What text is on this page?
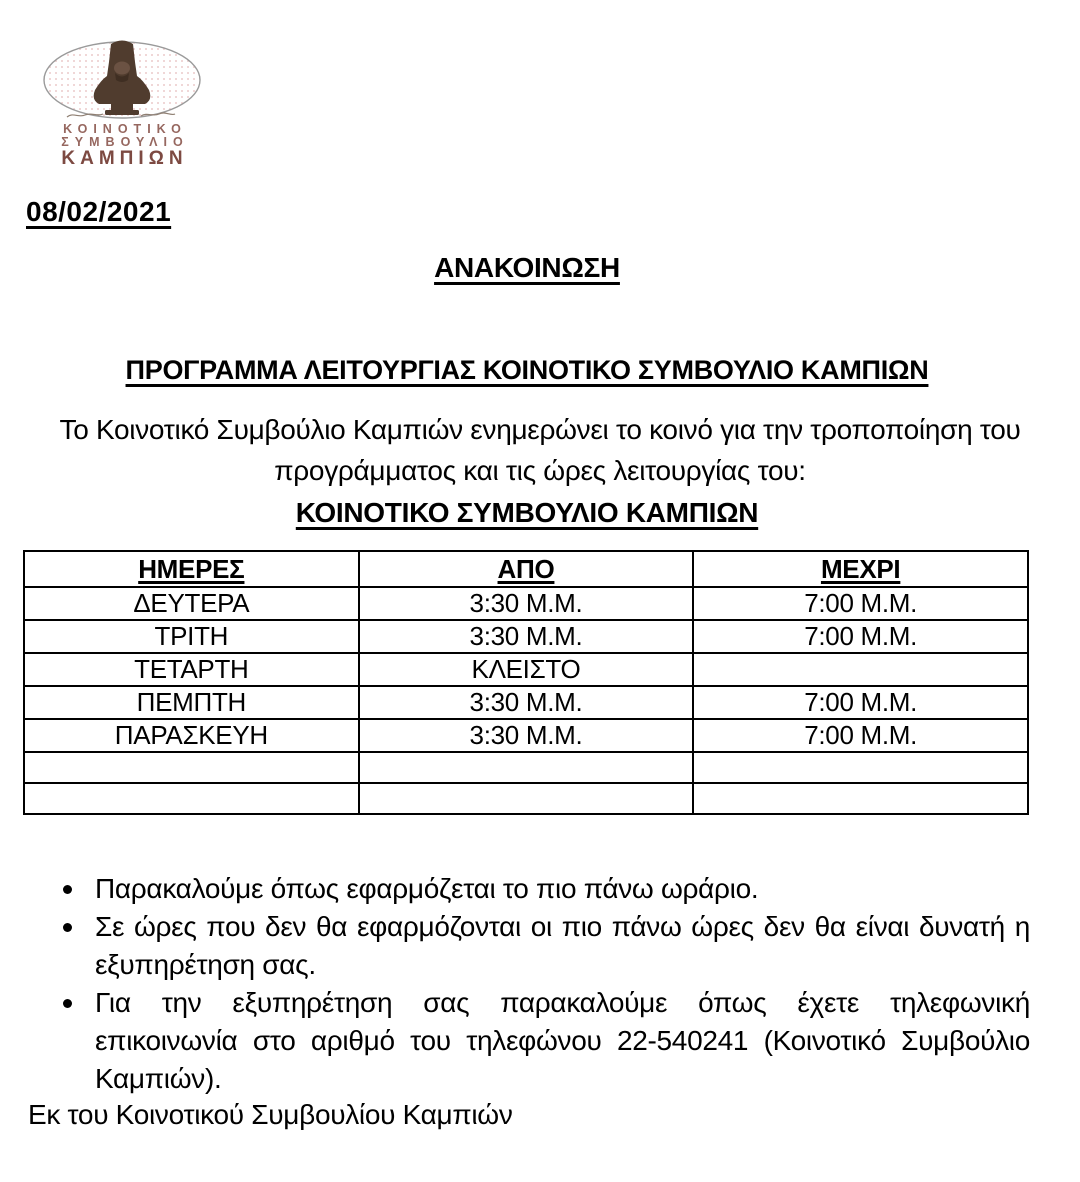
ΚΟΙΝΟΤΙΚΟ
ΣΥΜΒΟΥΛΙΟ
ΚΑΜΠΙΩΝ
08/02/2021
ΑΝΑΚΟΙΝΩΣΗ
ΠΡΟΓΡΑΜΜΑ ΛΕΙΤΟΥΡΓΙΑΣ ΚΟΙΝΟΤΙΚΟ ΣΥΜΒΟΥΛΙΟ ΚΑΜΠΙΩΝ
Το Κοινοτικό Συμβούλιο Καμπιών ενημερώνει το κοινό για την τροποποίηση του
προγράμματος και τις ώρες λειτουργίας του:
ΚΟΙΝΟΤΙΚΟ ΣΥΜΒΟΥΛΙΟ ΚΑΜΠΙΩΝ
ΗΜΕΡΕΣ	ΑΠΟ	ΜΕΧΡΙ
ΔΕΥΤΕΡΑ	3:30 Μ.Μ.	7:00 Μ.Μ.
ΤΡΙΤΗ	3:30 Μ.Μ.	7:00 Μ.Μ.
ΤΕΤΑΡΤΗ	ΚΛΕΙΣΤΟ	
ΠΕΜΠΤΗ	3:30 Μ.Μ.	7:00 Μ.Μ.
ΠΑΡΑΣΚΕΥΗ	3:30 Μ.Μ.	7:00 Μ.Μ.

Παρακαλούμε όπως εφαρμόζεται το πιο πάνω ωράριο.
Σε ώρες που δεν θα εφαρμόζονται οι πιο πάνω ώρες δεν θα είναι δυνατή η
εξυπηρέτηση σας.
Για την εξυπηρέτηση σας παρακαλούμε όπως έχετε τηλεφωνική
επικοινωνία στο αριθμό του τηλεφώνου 22-540241 (Κοινοτικό Συμβούλιο
Καμπιών).
Εκ του Κοινοτικού Συμβουλίου Καμπιών
